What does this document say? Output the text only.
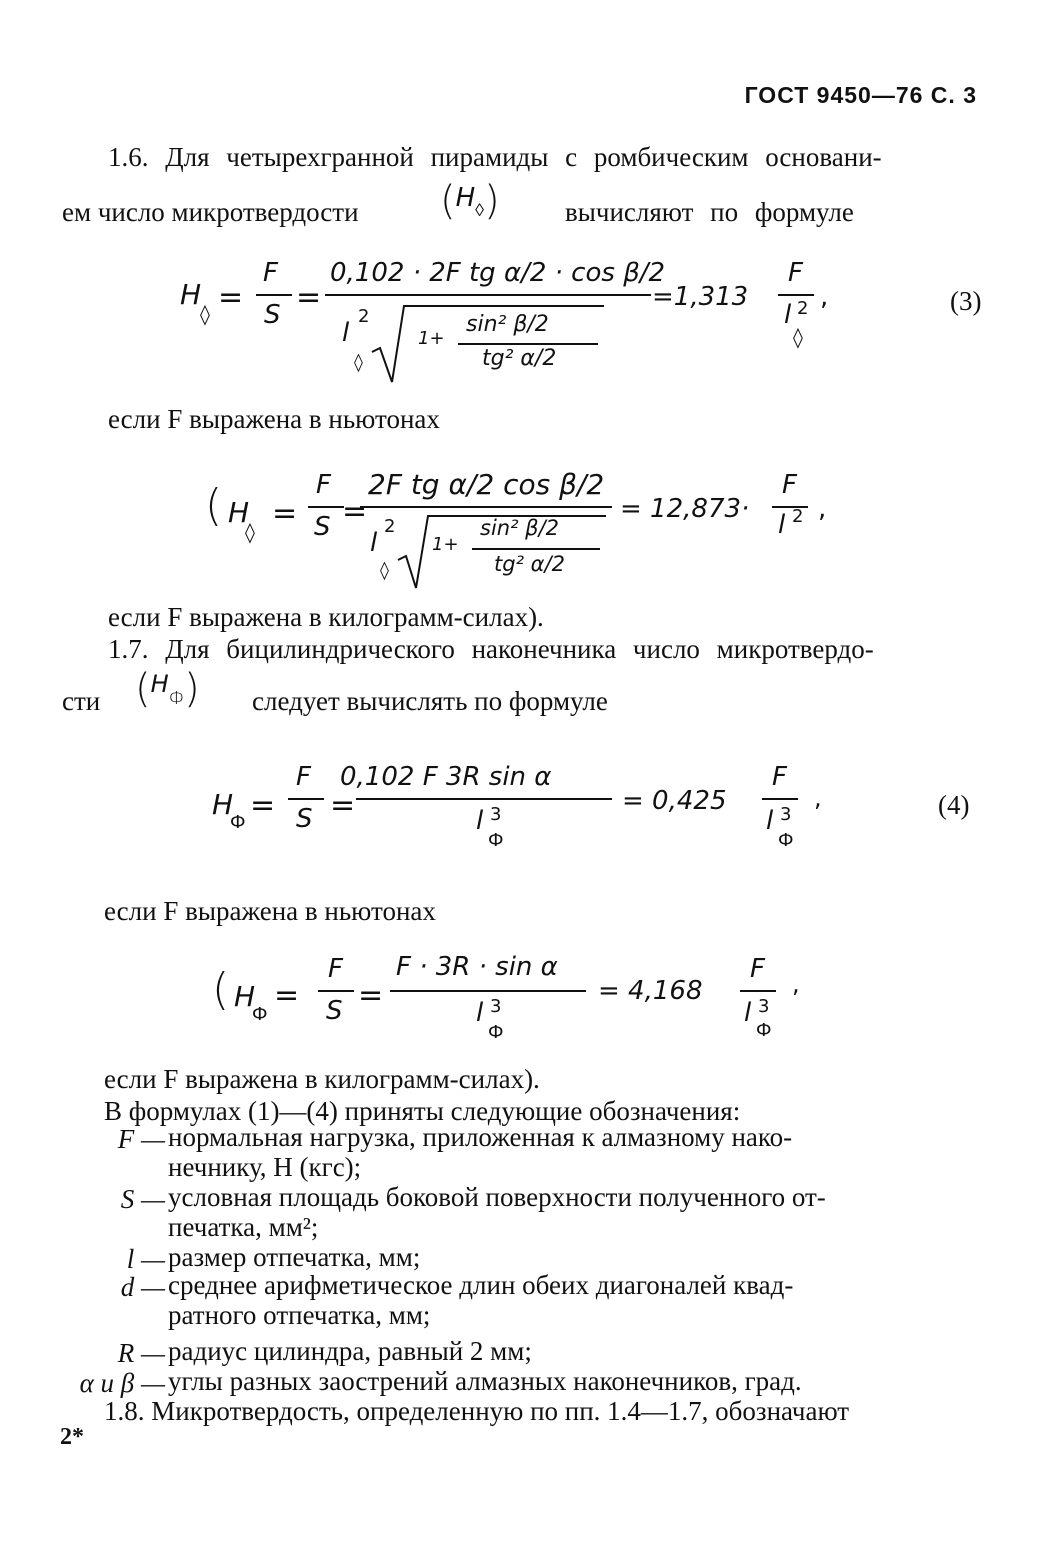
ГОСТ 9450—76 С. 3
1.6. Для четырехгранной пирамиды с ромбическим основани-
ем число микротвердости ($^H$◊) вычисляют по формуле
H
◊ =
F
S =
0,102 · 2F tg α/2 · cos β/2
l
2
◊
1+
sin² β/2
tg² α/2
=1,313
F
l 2
◊
,	(3)
если F выражена в ньютонах
( H
◊
=
F
S =
2F tg α/2 cos β/2
l
2
◊
1+
sin² β/2
tg² α/2
= 12,873·
F
l 2 ,
если F выражена в килограмм-силах).
1.7. Для бицилиндрического наконечника число микротвердо-
сти ($^H$Ф) следует вычислять по формуле
H
Ф =
F
S =
0,102 F 3R sin α
l 3
Ф
= 0,425
F
l 3
Ф
,	(4)
если F выражена в ньютонах
( H
Ф
=
F
S =
F · 3R · sin α
l 3
Ф
= 4,168
F
l 3
Ф
,
если F выражена в килограмм-силах).
В формулах (1)—(4) приняты следующие обозначения:
F — нормальная нагрузка, приложенная к алмазному нако-
нечнику, Н (кгс);
S — условная площадь боковой поверхности полученного от-
печатка, мм²;
l — размер отпечатка, мм;
d — среднее арифметическое длин обеих диагоналей квад-
ратного отпечатка, мм;
R — радиус цилиндра, равный 2 мм;
α и β — углы разных заострений алмазных наконечников, град.
1.8. Микротвердость, определенную по пп. 1.4—1.7, обозначают
2*
